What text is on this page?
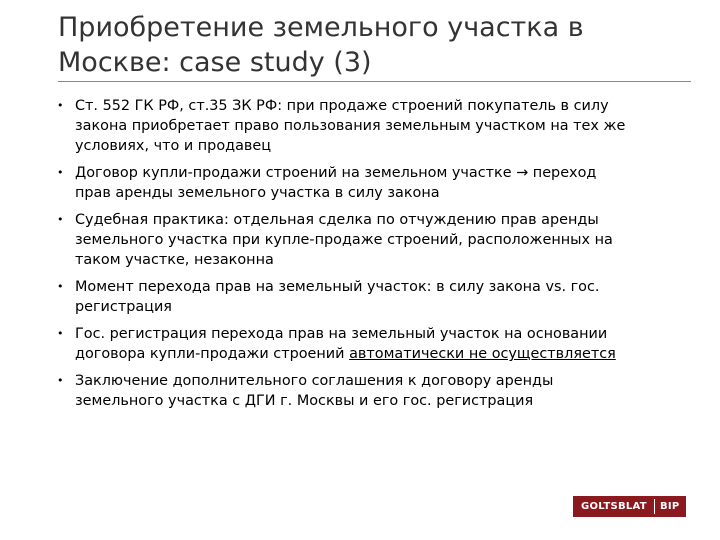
Приобретение земельного участка в
Москве: case study (3)
• Ст. 552 ГК РФ, ст.35 ЗК РФ: при продаже строений покупатель в силу
закона приобретает право пользования земельным участком на тех же
условиях, что и продавец
• Договор купли-продажи строений на земельном участке → переход
прав аренды земельного участка в силу закона
• Судебная практика: отдельная сделка по отчуждению прав аренды
земельного участка при купле-продаже строений, расположенных на
таком участке, незаконна
• Момент перехода прав на земельный участок: в силу закона vs. гос.
регистрация
• Гос. регистрация перехода прав на земельный участок на основании
договора купли-продажи строений автоматически не осуществляется
• Заключение дополнительного соглашения к договору аренды
земельного участка с ДГИ г. Москвы и его гос. регистрация
GOLTSBLAT	BIP
